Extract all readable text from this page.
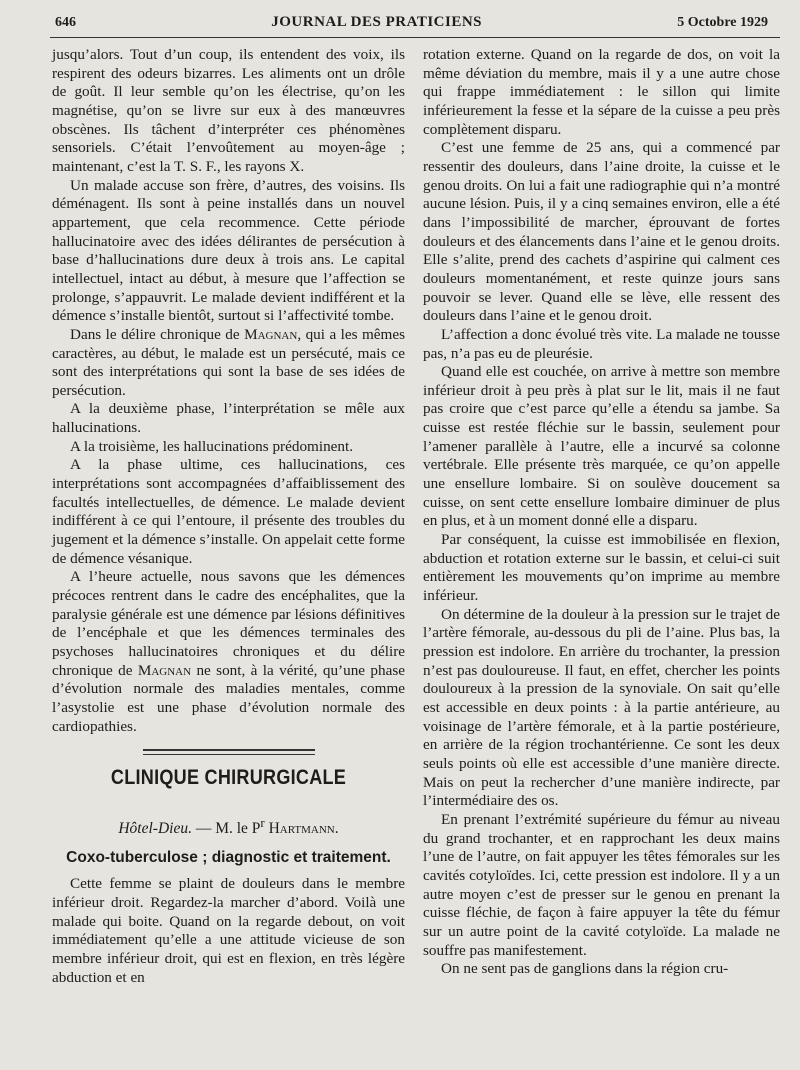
646	JOURNAL DES PRATICIENS	5 Octobre 1929

jusqu’alors. Tout d’un coup, ils entendent des voix, ils respirent des odeurs bizarres. Les aliments ont un drôle de goût. Il leur semble qu’on les électrise, qu’on les magnétise, qu’on se livre sur eux à des manœuvres obscènes. Ils tâchent d’interpréter ces phénomènes sensoriels. C’était l’envoûtement au moyen-âge ; maintenant, c’est la T. S. F., les rayons X.

Un malade accuse son frère, d’autres, des voisins. Ils déménagent. Ils sont à peine installés dans un nouvel appartement, que cela recommence. Cette période hallucinatoire avec des idées délirantes de persécution à base d’hallucinations dure deux à trois ans. Le capital intellectuel, intact au début, à mesure que l’affection se prolonge, s’appauvrit. Le malade devient indifférent et la démence s’installe bientôt, surtout si l’affectivité tombe.

Dans le délire chronique de Magnan, qui a les mêmes caractères, au début, le malade est un persécuté, mais ce sont des interprétations qui sont la base de ses idées de persécution.

A la deuxième phase, l’interprétation se mêle aux hallucinations.

A la troisième, les hallucinations prédominent.

A la phase ultime, ces hallucinations, ces interprétations sont accompagnées d’affaiblissement des facultés intellectuelles, de démence. Le malade devient indifférent à ce qui l’entoure, il présente des troubles du jugement et la démence s’installe. On appelait cette forme de démence vésanique.

A l’heure actuelle, nous savons que les démences précoces rentrent dans le cadre des encéphalites, que la paralysie générale est une démence par lésions définitives de l’encéphale et que les démences terminales des psychoses hallucinatoires chroniques et du délire chronique de Magnan ne sont, à la vérité, qu’une phase d’évolution normale des maladies mentales, comme l’asystolie est une phase d’évolution normale des cardiopathies.

CLINIQUE CHIRURGICALE
Hôtel-Dieu. — M. le $P^r$ Hartmann.
Coxo-tuberculose ; diagnostic et traitement.

Cette femme se plaint de douleurs dans le membre inférieur droit. Regardez-la marcher d’abord. Voilà une malade qui boite. Quand on la regarde debout, on voit immédiatement qu’elle a une attitude vicieuse de son membre inférieur droit, qui est en flexion, en très légère abduction et en

rotation externe. Quand on la regarde de dos, on voit la même déviation du membre, mais il y a une autre chose qui frappe immédiatement : le sillon qui limite inférieurement la fesse et la sépare de la cuisse a peu près complètement disparu.

C’est une femme de 25 ans, qui a commencé par ressentir des douleurs, dans l’aine droite, la cuisse et le genou droits. On lui a fait une radiographie qui n’a montré aucune lésion. Puis, il y a cinq semaines environ, elle a été dans l’impossibilité de marcher, éprouvant de fortes douleurs et des élancements dans l’aine et le genou droits. Elle s’alite, prend des cachets d’aspirine qui calment ces douleurs momentanément, et reste quinze jours sans pouvoir se lever. Quand elle se lève, elle ressent des douleurs dans l’aine et le genou droit.

L’affection a donc évolué très vite. La malade ne tousse pas, n’a pas eu de pleurésie.

Quand elle est couchée, on arrive à mettre son membre inférieur droit à peu près à plat sur le lit, mais il ne faut pas croire que c’est parce qu’elle a étendu sa jambe. Sa cuisse est restée fléchie sur le bassin, seulement pour l’amener parallèle à l’autre, elle a incurvé sa colonne vertébrale. Elle présente très marquée, ce qu’on appelle une ensellure lombaire. Si on soulève doucement sa cuisse, on sent cette ensellure lombaire diminuer de plus en plus, et à un moment donné elle a disparu.

Par conséquent, la cuisse est immobilisée en flexion, abduction et rotation externe sur le bassin, et celui-ci suit entièrement les mouvements qu’on imprime au membre inférieur.

On détermine de la douleur à la pression sur le trajet de l’artère fémorale, au-dessous du pli de l’aine. Plus bas, la pression est indolore. En arrière du trochanter, la pression n’est pas douloureuse. Il faut, en effet, chercher les points douloureux à la pression de la synoviale. On sait qu’elle est accessible en deux points : à la partie antérieure, au voisinage de l’artère fémorale, et à la partie postérieure, en arrière de la région trochantérienne. Ce sont les deux seuls points où elle est accessible d’une manière directe. Mais on peut la rechercher d’une manière indirecte, par l’intermédiaire des os.

En prenant l’extrémité supérieure du fémur au niveau du grand trochanter, et en rapprochant les deux mains l’une de l’autre, on fait appuyer les têtes fémorales sur les cavités cotyloïdes. Ici, cette pression est indolore. Il y a un autre moyen c’est de presser sur le genou en prenant la cuisse fléchie, de façon à faire appuyer la tête du fémur sur un autre point de la cavité cotyloïde. La malade ne souffre pas manifestement.

On ne sent pas de ganglions dans la région cru-
